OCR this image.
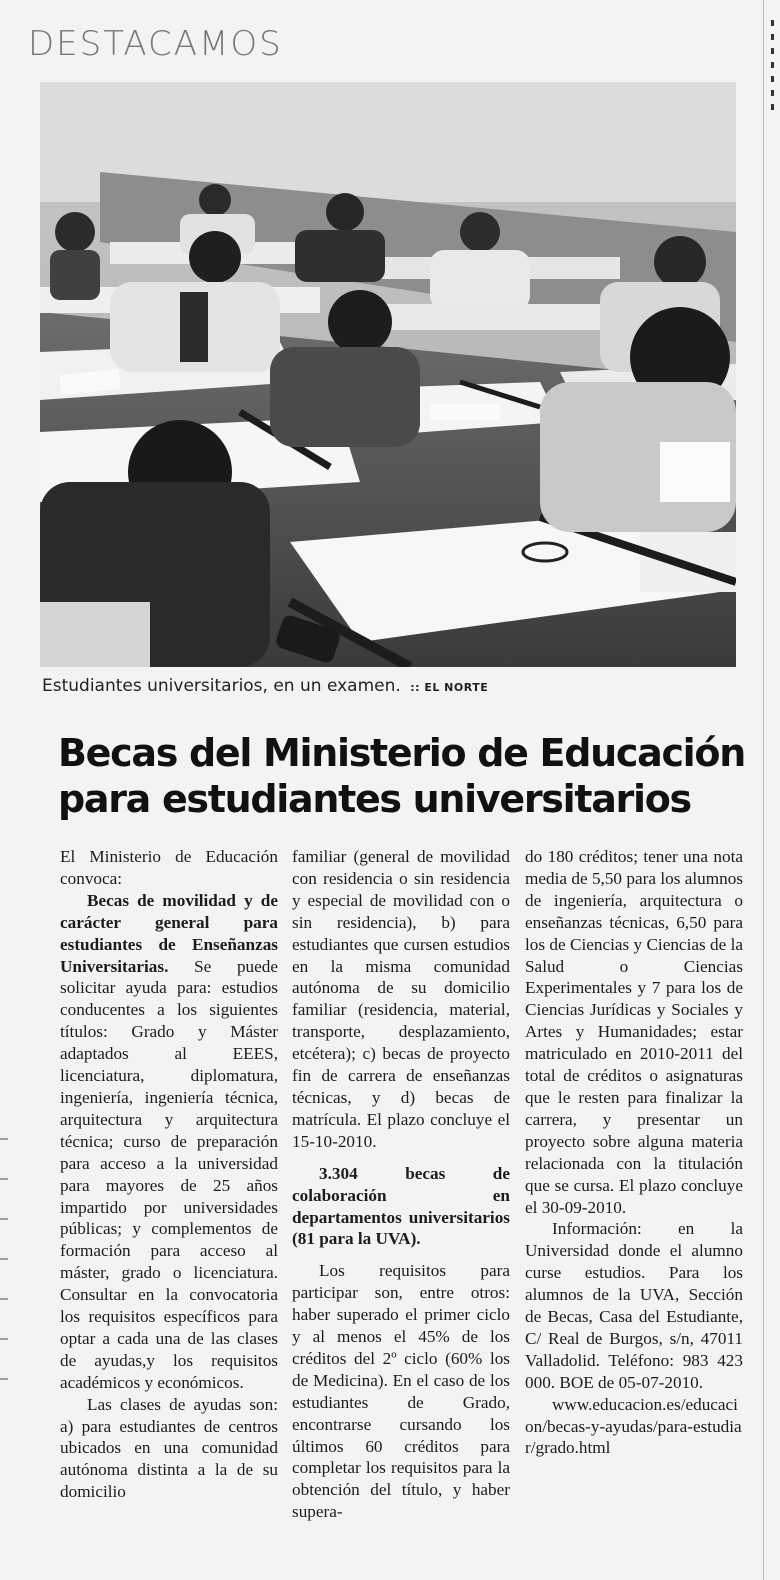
DESTACAMOS
Estudiantes universitarios, en un examen. :: EL NORTE
Becas del Ministerio de Educación
para estudiantes universitarios

El Ministerio de Educación convoca:

Becas de movilidad y de carácter general para estudiantes de Enseñanzas Universitarias. Se puede solicitar ayuda para: estudios conducentes a los siguientes títulos: Grado y Máster adaptados al EEES, licenciatura, diplomatura, ingeniería, ingeniería técnica, arquitectura y arquitectura técnica; curso de preparación para acceso a la universidad para mayores de 25 años impartido por universidades públicas; y complementos de formación para acceso al máster, grado o licenciatura. Consultar en la convocatoria los requisitos específicos para optar a cada una de las clases de ayudas,y los requisitos académicos y económicos.

Las clases de ayudas son: a) para estudiantes de centros ubicados en una comunidad autónoma distinta a la de su domicilio

familiar (general de movilidad con residencia o sin residencia y especial de movilidad con o sin residencia), b) para estudiantes que cursen estudios en la misma comunidad autónoma de su domicilio familiar (residencia, material, transporte, desplazamiento, etcétera); c) becas de proyecto fin de carrera de enseñanzas técnicas, y d) becas de matrícula. El plazo concluye el 15-10-2010.

3.304 becas de colaboración en departamentos universitarios (81 para la UVA).

Los requisitos para participar son, entre otros: haber superado el primer ciclo y al menos el 45% de los créditos del 2º ciclo (60% los de Medicina). En el caso de los estudiantes de Grado, encontrarse cursando los últimos 60 créditos para completar los requisitos para la obtención del título, y haber supera-

do 180 créditos; tener una nota media de 5,50 para los alumnos de ingeniería, arquitectura o enseñanzas técnicas, 6,50 para los de Ciencias y Ciencias de la Salud o Ciencias Experimentales y 7 para los de Ciencias Jurídicas y Sociales y Artes y Humanidades; estar matriculado en 2010-2011 del total de créditos o asignaturas que le resten para finalizar la carrera, y presentar un proyecto sobre alguna materia relacionada con la titulación que se cursa. El plazo concluye el 30-09-2010.

Información: en la Universidad donde el alumno curse estudios. Para los alumnos de la UVA, Sección de Becas, Casa del Estudiante, C/ Real de Burgos, s/n, 47011 Valladolid. Teléfono: 983 423 000. BOE de 05-07-2010.

www.educacion.es/educacion/becas-y-ayudas/para-estudiar/grado.html
